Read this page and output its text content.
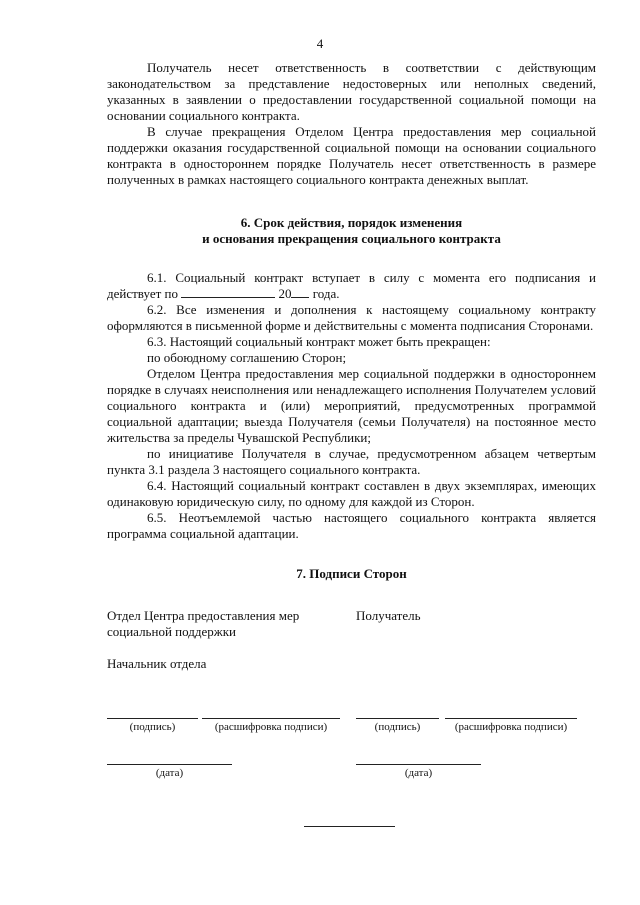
4

Получатель несет ответственность в соответствии с действующим законодательством за представление недостоверных или неполных сведений, указанных в заявлении о предоставлении государственной социальной помощи на основании социального контракта.

В случае прекращения Отделом Центра предоставления мер социальной поддержки оказания государственной социальной помощи на основании социального контракта в одностороннем порядке Получатель несет ответственность в размере полученных в рамках настоящего социального контракта денежных выплат.

6. Срок действия, порядок изменения
и основания прекращения социального контракта

6.1. Социальный контракт вступает в силу с момента его подписания и действует по	20 года.

6.2. Все изменения и дополнения к настоящему социальному контракту оформляются в письменной форме и действительны с момента подписания Сторонами.

6.3. Настоящий социальный контракт может быть прекращен:

по обоюдному соглашению Сторон;

Отделом Центра предоставления мер социальной поддержки в одностороннем порядке в случаях неисполнения или ненадлежащего исполнения Получателем условий социального контракта и (или) мероприятий, предусмотренных программой социальной адаптации; выезда Получателя (семьи Получателя) на постоянное место жительства за пределы Чувашской Республики;

по инициативе Получателя в случае, предусмотренном абзацем четвертым пункта 3.1 раздела 3 настоящего социального контракта.

6.4. Настоящий социальный контракт составлен в двух экземплярах, имеющих одинаковую юридическую силу, по одному для каждой из Сторон.

6.5. Неотъемлемой частью настоящего социального контракта является программа социальной адаптации.

7. Подписи Сторон
Отдел Центра предоставления мер
социальной поддержки
Получатель
Начальник отдела
(подпись)	(расшифровка подписи)	(подпись)	(расшифровка подписи)
(дата)	(дата)
